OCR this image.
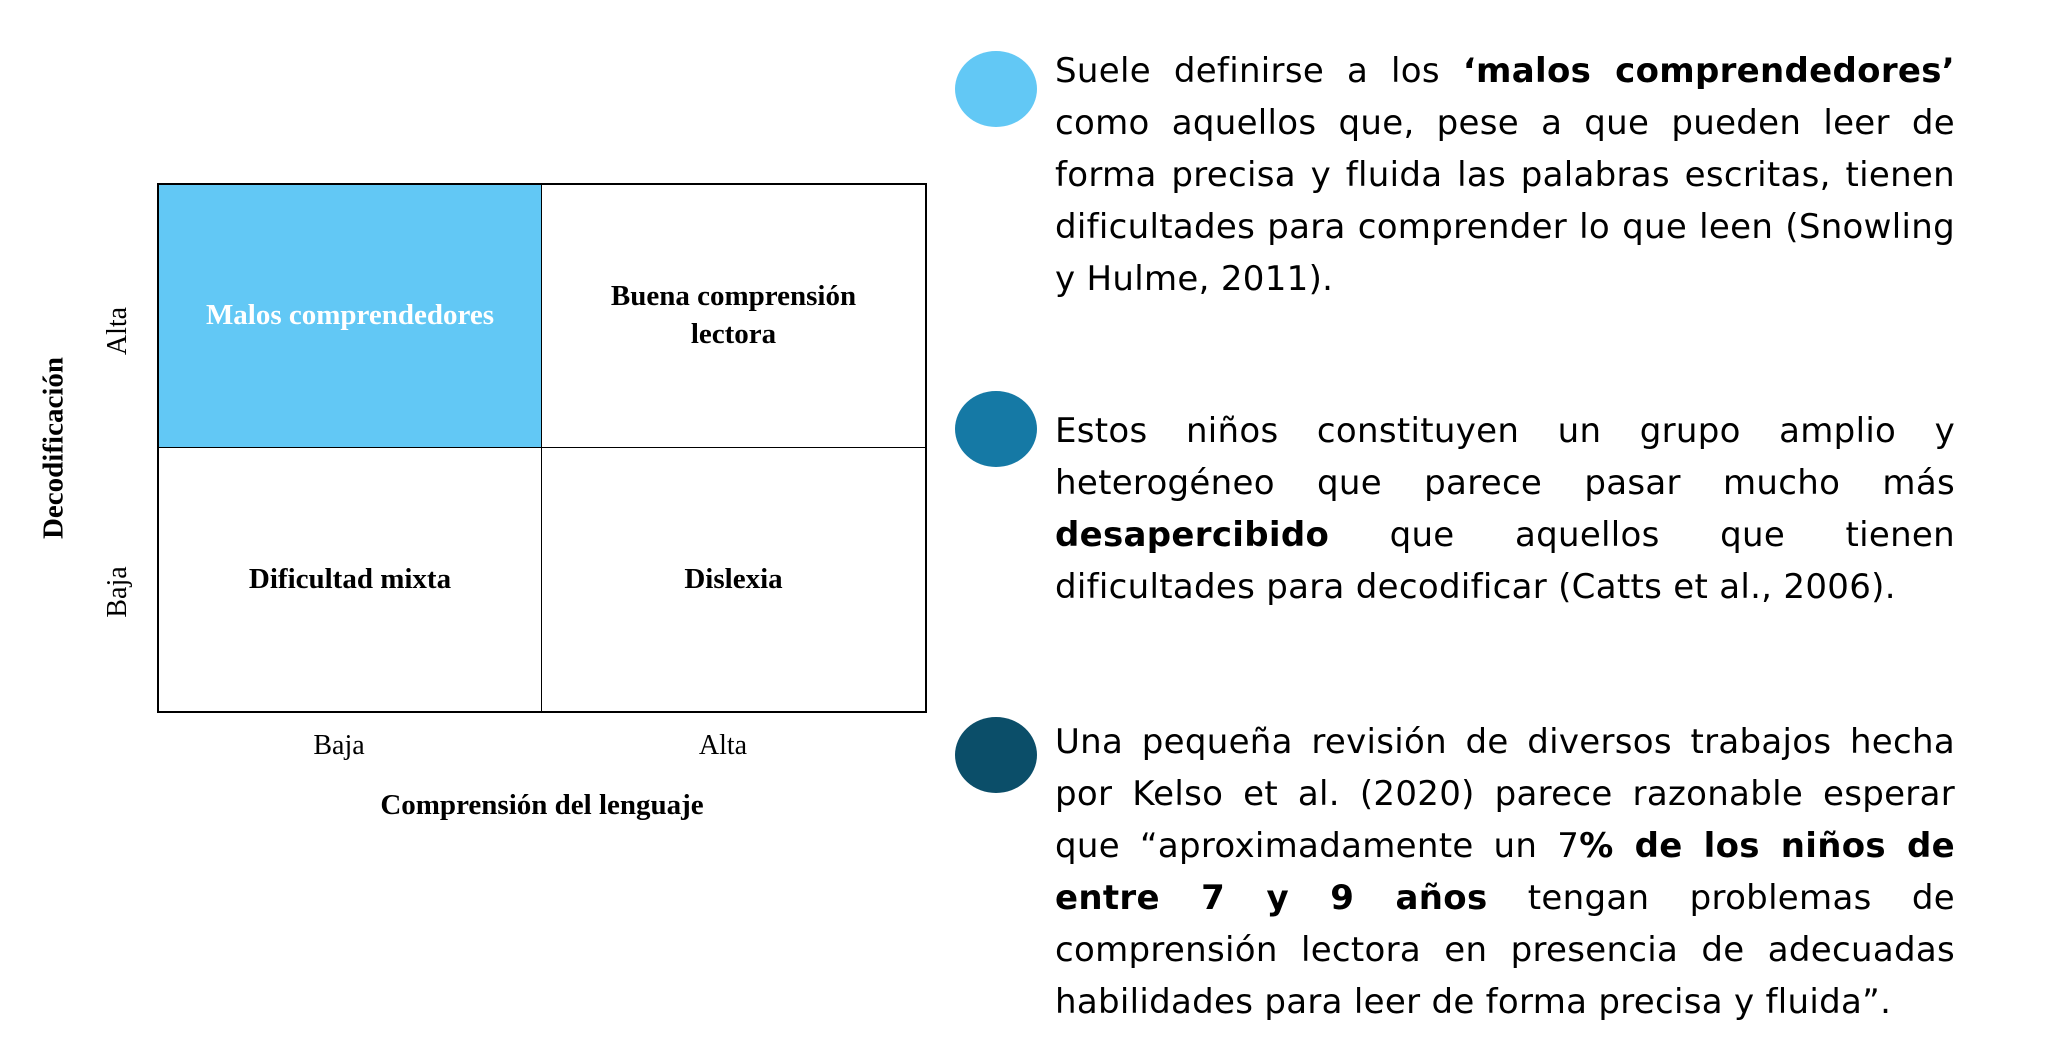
Decodificación
Alta
Baja
Malos comprendedores
Buena comprensión lectora
Dificultad mixta	Dislexia
Baja	Alta
Comprensión del lenguaje

Suele definirse a los ‘malos comprendedores’ como aquellos que, pese a que pueden leer de forma precisa y fluida las palabras escritas, tienen dificultades para comprender lo que leen (Snowling y Hulme, 2011).

Estos niños constituyen un grupo amplio y heterogéneo que parece pasar mucho más desapercibido que aquellos que tienen dificultades para decodificar (Catts et al., 2006).

Una pequeña revisión de diversos trabajos hecha por Kelso et al. (2020) parece razonable esperar que “aproximadamente un 7% de los niños de entre 7 y 9 años tengan problemas de comprensión lectora en presencia de adecuadas habilidades para leer de forma precisa y fluida”.
